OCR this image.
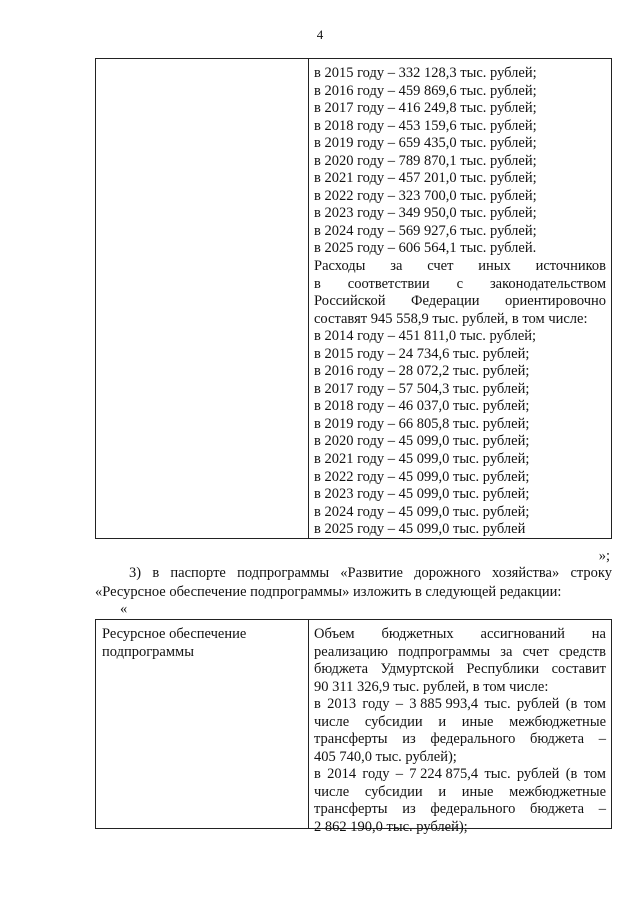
4
в 2015 году – 332 128,3 тыс. рублей;
в 2016 году – 459 869,6 тыс. рублей;
в 2017 году – 416 249,8 тыс. рублей;
в 2018 году – 453 159,6 тыс. рублей;
в 2019 году – 659 435,0 тыс. рублей;
в 2020 году – 789 870,1 тыс. рублей;
в 2021 году – 457 201,0 тыс. рублей;
в 2022 году – 323 700,0 тыс. рублей;
в 2023 году – 349 950,0 тыс. рублей;
в 2024 году – 569 927,6 тыс. рублей;
в 2025 году – 606 564,1 тыс. рублей.
Расходы за счет иных источников
в соответствии с законодательством
Российской Федерации ориентировочно
составят 945 558,9 тыс. рублей, в том числе:
в 2014 году – 451 811,0 тыс. рублей;
в 2015 году – 24 734,6 тыс. рублей;
в 2016 году – 28 072,2 тыс. рублей;
в 2017 году – 57 504,3 тыс. рублей;
в 2018 году – 46 037,0 тыс. рублей;
в 2019 году – 66 805,8 тыс. рублей;
в 2020 году – 45 099,0 тыс. рублей;
в 2021 году – 45 099,0 тыс. рублей;
в 2022 году – 45 099,0 тыс. рублей;
в 2023 году – 45 099,0 тыс. рублей;
в 2024 году – 45 099,0 тыс. рублей;
в 2025 году – 45 099,0 тыс. рублей
»;
3) в паспорте подпрограммы «Развитие дорожного хозяйства» строку «Ресурсное обеспечение подпрограммы» изложить в следующей редакции:
«
Ресурсное обеспечение подпрограммы
Объем бюджетных ассигнований на
реализацию подпрограммы за счет средств
бюджета Удмуртской Республики составит
90 311 326,9 тыс. рублей, в том числе:
в 2013 году – 3 885 993,4 тыс. рублей (в том
числе субсидии и иные межбюджетные
трансферты из федерального бюджета –
405 740,0 тыс. рублей);
в 2014 году – 7 224 875,4 тыс. рублей (в том
числе субсидии и иные межбюджетные
трансферты из федерального бюджета –
2 862 190,0 тыс. рублей);
